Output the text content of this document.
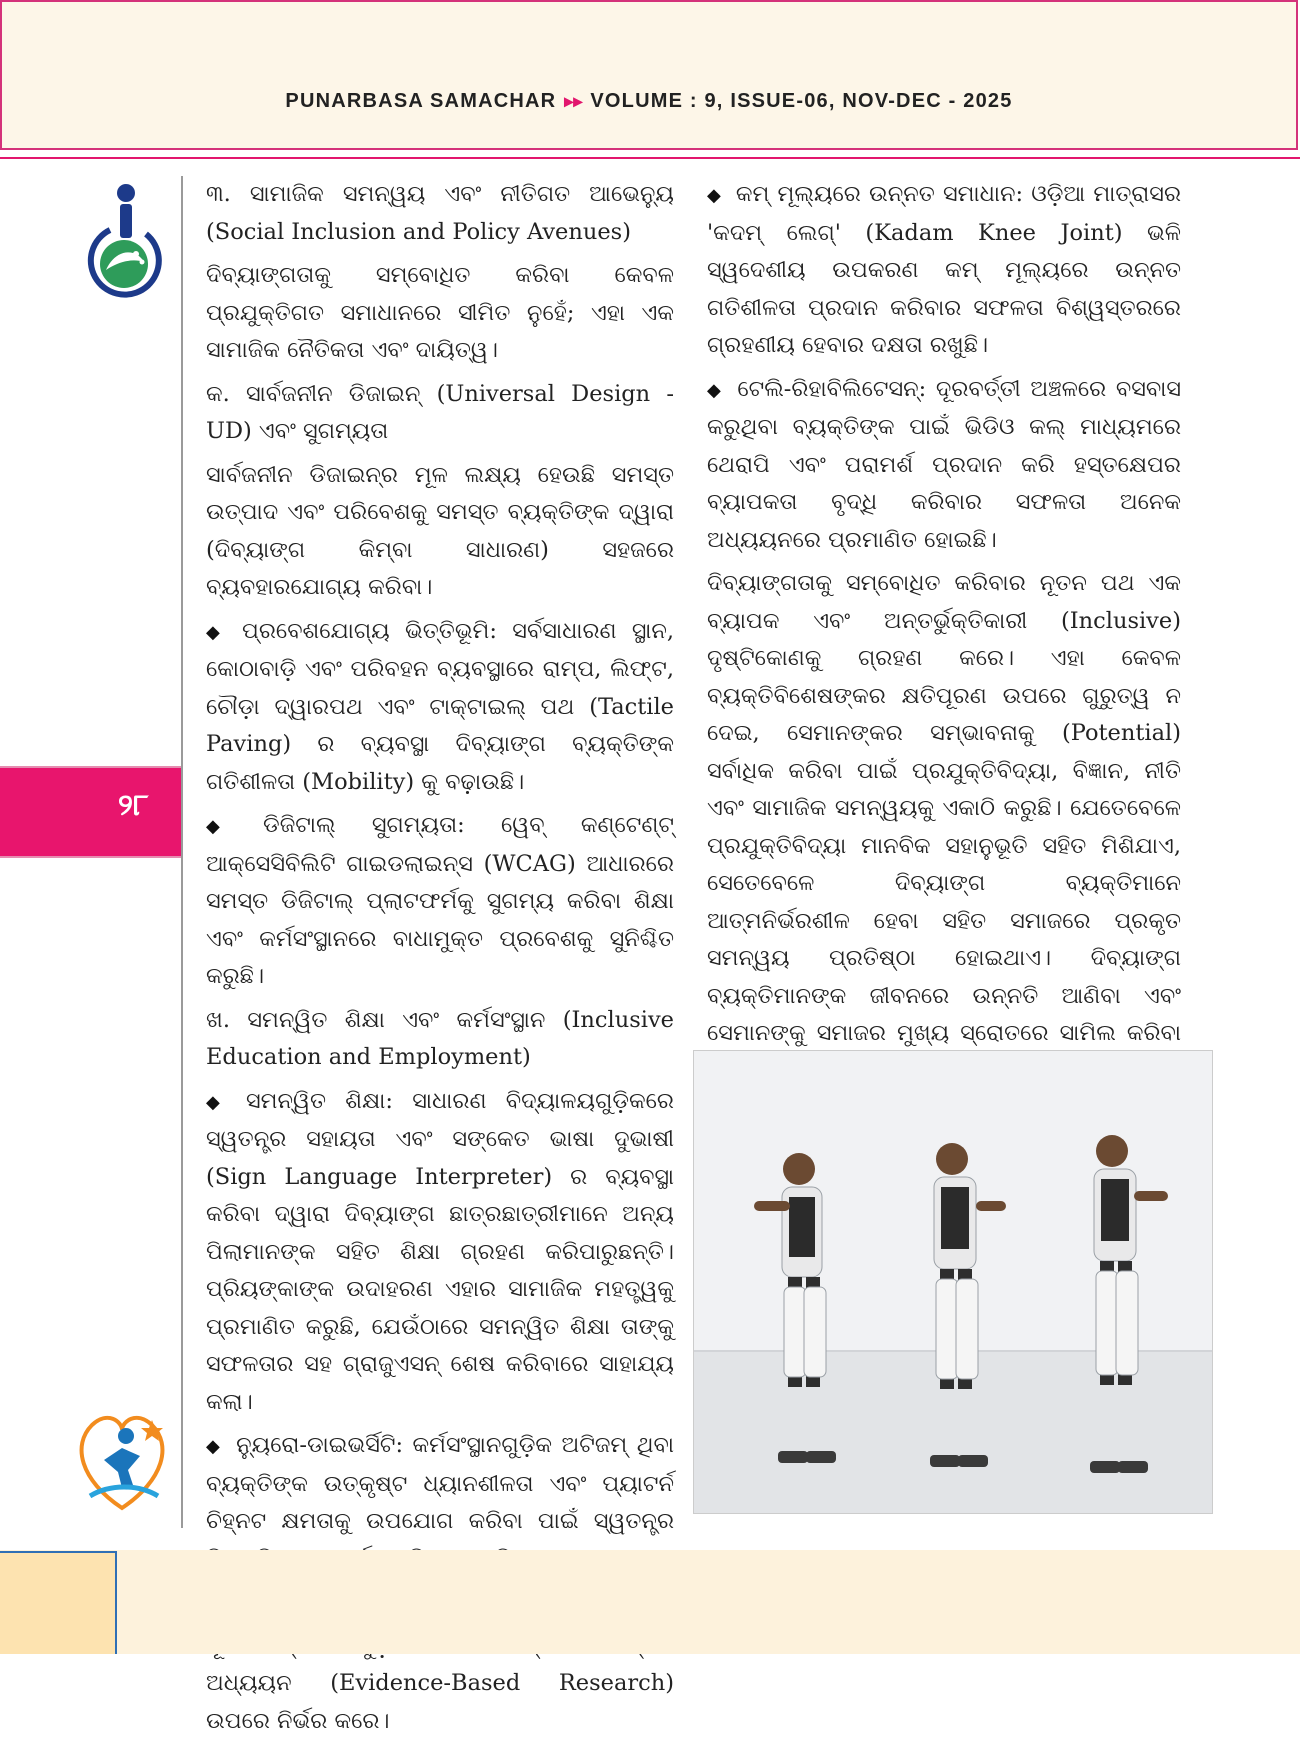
PUNARBASA SAMACHAR ▸▸ VOLUME : 9, ISSUE-06, NOV-DEC - 2025
୨୮

୩. ସାମାଜିକ ସମନ୍ୱୟ ଏବଂ ନୀତିଗତ ଆଭେନ୍ୟୁ (Social Inclusion and Policy Avenues)

ଦିବ୍ୟାଙ୍ଗତାକୁ ସମ୍ବୋଧିତ କରିବା କେବଳ ପ୍ରଯୁକ୍ତିଗତ ସମାଧାନରେ ସୀମିତ ନୁହେଁ; ଏହା ଏକ ସାମାଜିକ ନୈତିକତା ଏବଂ ଦାୟିତ୍ୱ।

କ. ସାର୍ବଜନୀନ ଡିଜାଇନ୍ (Universal Design - UD) ଏବଂ ସୁଗମ୍ୟତା

ସାର୍ବଜନୀନ ଡିଜାଇନ୍ର ମୂଳ ଲକ୍ଷ୍ୟ ହେଉଛି ସମସ୍ତ ଉତ୍ପାଦ ଏବଂ ପରିବେଶକୁ ସମସ୍ତ ବ୍ୟକ୍ତିଙ୍କ ଦ୍ୱାରା (ଦିବ୍ୟାଙ୍ଗ କିମ୍ବା ସାଧାରଣ) ସହଜରେ ବ୍ୟବହାରଯୋଗ୍ୟ କରିବା।

◆ ପ୍ରବେଶଯୋଗ୍ୟ ଭିତ୍ତିଭୂମି: ସର୍ବସାଧାରଣ ସ୍ଥାନ, କୋଠାବାଡ଼ି ଏବଂ ପରିବହନ ବ୍ୟବସ୍ଥାରେ ରାମ୍ପ, ଲିଫ୍ଟ, ଚୌଡ଼ା ଦ୍ୱାରପଥ ଏବଂ ଟାକ୍ଟାଇଲ୍ ପଥ (Tactile Paving) ର ବ୍ୟବସ୍ଥା ଦିବ୍ୟାଙ୍ଗ ବ୍ୟକ୍ତିଙ୍କ ଗତିଶୀଳତା (Mobility) କୁ ବଢ଼ାଉଛି।

◆ ଡିଜିଟାଲ୍ ସୁଗମ୍ୟତା: ୱେବ୍ କଣ୍ଟେଣ୍ଟ୍ ଆକ୍ସେସିବିଲିଟି ଗାଇଡଲାଇନ୍ସ (WCAG) ଆଧାରରେ ସମସ୍ତ ଡିଜିଟାଲ୍ ପ୍ଲାଟଫର୍ମକୁ ସୁଗମ୍ୟ କରିବା ଶିକ୍ଷା ଏବଂ କର୍ମସଂସ୍ଥାନରେ ବାଧାମୁକ୍ତ ପ୍ରବେଶକୁ ସୁନିଶ୍ଚିତ କରୁଛି।

ଖ. ସମନ୍ୱିତ ଶିକ୍ଷା ଏବଂ କର୍ମସଂସ୍ଥାନ (Inclusive Education and Employment)

◆ ସମନ୍ୱିତ ଶିକ୍ଷା: ସାଧାରଣ ବିଦ୍ୟାଳୟଗୁଡ଼ିକରେ ସ୍ୱତନ୍ତ୍ର ସହାୟତା ଏବଂ ସଙ୍କେତ ଭାଷା ଦୁଭାଷୀ (Sign Language Interpreter) ର ବ୍ୟବସ୍ଥା କରିବା ଦ୍ୱାରା ଦିବ୍ୟାଙ୍ଗ ଛାତ୍ରଛାତ୍ରୀମାନେ ଅନ୍ୟ ପିଲାମାନଙ୍କ ସହିତ ଶିକ୍ଷା ଗ୍ରହଣ କରିପାରୁଛନ୍ତି। ପ୍ରିୟଙ୍କାଙ୍କ ଉଦାହରଣ ଏହାର ସାମାଜିକ ମହତ୍ତ୍ୱକୁ ପ୍ରମାଣିତ କରୁଛି, ଯେଉଁଠାରେ ସମନ୍ୱିତ ଶିକ୍ଷା ତାଙ୍କୁ ସଫଳତାର ସହ ଗ୍ରାଜୁଏସନ୍ ଶେଷ କରିବାରେ ସାହାଯ୍ୟ କଲା।

◆ ନ୍ୟୁରୋ-ଡାଇଭର୍ସିଟି: କର୍ମସଂସ୍ଥାନଗୁଡ଼ିକ ଅଟିଜମ୍ ଥିବା ବ୍ୟକ୍ତିଙ୍କ ଉତ୍କୃଷ୍ଟ ଧ୍ୟାନଶୀଳତା ଏବଂ ପ୍ୟାଟର୍ନ ଚିହ୍ନଟ କ୍ଷମତାକୁ ଉପଯୋଗ କରିବା ପାଇଁ ସ୍ୱତନ୍ତ୍ର

ଅଧ୍ୟୟନ (Evidence-Based Research) ଉପରେ ନିର୍ଭର କରେ।

◆ କମ୍ ମୂଲ୍ୟରେ ଉନ୍ନତ ସମାଧାନ: ଓଡ଼ିଆ ମାତ୍ରାସର 'କଦମ୍ ଲେଗ୍' (Kadam Knee Joint) ଭଳି ସ୍ୱଦେଶୀୟ ଉପକରଣ କମ୍ ମୂଲ୍ୟରେ ଉନ୍ନତ ଗତିଶୀଳତା ପ୍ରଦାନ କରିବାର ସଫଳତା ବିଶ୍ୱସ୍ତରରେ ଗ୍ରହଣୀୟ ହେବାର ଦକ୍ଷତା ରଖୁଛି।

◆ ଟେଲି-ରିହାବିଲିଟେସନ୍: ଦୂରବର୍ତ୍ତୀ ଅଞ୍ଚଳରେ ବସବାସ କରୁଥିବା ବ୍ୟକ୍ତିଙ୍କ ପାଇଁ ଭିଡିଓ କଲ୍ ମାଧ୍ୟମରେ ଥେରାପି ଏବଂ ପରାମର୍ଶ ପ୍ରଦାନ କରି ହସ୍ତକ୍ଷେପର ବ୍ୟାପକତା ବୃଦ୍ଧି କରିବାର ସଫଳତା ଅନେକ ଅଧ୍ୟୟନରେ ପ୍ରମାଣିତ ହୋଇଛି।

ଦିବ୍ୟାଙ୍ଗତାକୁ ସମ୍ବୋଧିତ କରିବାର ନୂତନ ପଥ ଏକ ବ୍ୟାପକ ଏବଂ ଅନ୍ତର୍ଭୁକ୍ତିକାରୀ (Inclusive) ଦୃଷ୍ଟିକୋଣକୁ ଗ୍ରହଣ କରେ। ଏହା କେବଳ ବ୍ୟକ୍ତିବିଶେଷଙ୍କର କ୍ଷତିପୂରଣ ଉପରେ ଗୁରୁତ୍ୱ ନ ଦେଇ, ସେମାନଙ୍କର ସମ୍ଭାବନାକୁ (Potential) ସର୍ବାଧିକ କରିବା ପାଇଁ ପ୍ରଯୁକ୍ତିବିଦ୍ୟା, ବିଜ୍ଞାନ, ନୀତି ଏବଂ ସାମାଜିକ ସମନ୍ୱୟକୁ ଏକାଠି କରୁଛି। ଯେତେବେଳେ ପ୍ରଯୁକ୍ତିବିଦ୍ୟା ମାନବିକ ସହାନୁଭୂତି ସହିତ ମିଶିଯାଏ, ସେତେବେଳେ ଦିବ୍ୟାଙ୍ଗ ବ୍ୟକ୍ତିମାନେ ଆତ୍ମନିର୍ଭରଶୀଳ ହେବା ସହିତ ସମାଜରେ ପ୍ରକୃତ ସମନ୍ୱୟ ପ୍ରତିଷ୍ଠା ହୋଇଥାଏ। ଦିବ୍ୟାଙ୍ଗ ବ୍ୟକ୍ତିମାନଙ୍କ ଜୀବନରେ ଉନ୍ନତି ଆଣିବା ଏବଂ ସେମାନଙ୍କୁ ସମାଜର ମୁଖ୍ୟ ସ୍ରୋତରେ ସାମିଲ କରିବା
